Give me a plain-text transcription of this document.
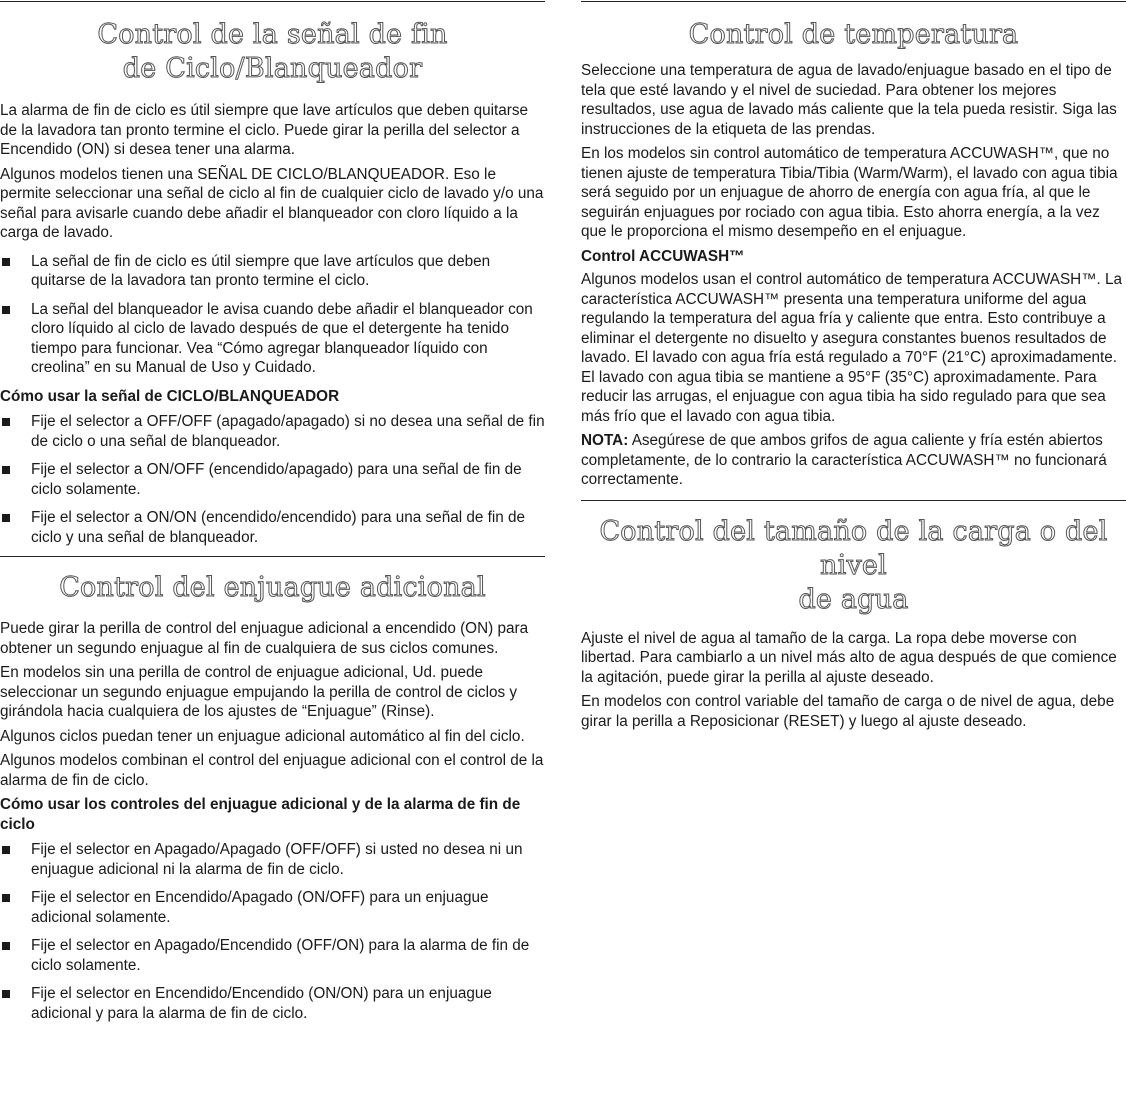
Control de la señal de fin
de Ciclo/Blanqueador

La alarma de fin de ciclo es útil siempre que lave artículos que deben quitarse de la lavadora tan pronto termine el ciclo. Puede girar la perilla del selector a Encendido (ON) si desea tener una alarma.

Algunos modelos tienen una SEÑAL DE CICLO/BLANQUEADOR. Eso le permite seleccionar una señal de ciclo al fin de cualquier ciclo de lavado y/o una señal para avisarle cuando debe añadir el blanqueador con cloro líquido a la carga de lavado.

La señal de fin de ciclo es útil siempre que lave artículos que deben quitarse de la lavadora tan pronto termine el ciclo.
La señal del blanqueador le avisa cuando debe añadir el blanqueador con cloro líquido al ciclo de lavado después de que el detergente ha tenido tiempo para funcionar. Vea “Cómo agregar blanqueador líquido con creolina” en su Manual de Uso y Cuidado.
Cómo usar la señal de CICLO/BLANQUEADOR
Fije el selector a OFF/OFF (apagado/apagado) si no desea una señal de fin de ciclo o una señal de blanqueador.
Fije el selector a ON/OFF (encendido/apagado) para una señal de fin de ciclo solamente.
Fije el selector a ON/ON (encendido/encendido) para una señal de fin de ciclo y una señal de blanqueador.
Control del enjuague adicional

Puede girar la perilla de control del enjuague adicional a encendido (ON) para obtener un segundo enjuague al fin de cualquiera de sus ciclos comunes.

En modelos sin una perilla de control de enjuague adicional, Ud. puede seleccionar un segundo enjuague empujando la perilla de control de ciclos y girándola hacia cualquiera de los ajustes de “Enjuague” (Rinse).

Algunos ciclos puedan tener un enjuague adicional automático al fin del ciclo.

Algunos modelos combinan el control del enjuague adicional con el control de la alarma de fin de ciclo.

Cómo usar los controles del enjuague adicional y de la alarma de fin de ciclo
Fije el selector en Apagado/Apagado (OFF/OFF) si usted no desea ni un enjuague adicional ni la alarma de fin de ciclo.
Fije el selector en Encendido/Apagado (ON/OFF) para un enjuague adicional solamente.
Fije el selector en Apagado/Encendido (OFF/ON) para la alarma de fin de ciclo solamente.
Fije el selector en Encendido/Encendido (ON/ON) para un enjuague adicional y para la alarma de fin de ciclo.
Control de temperatura

Seleccione una temperatura de agua de lavado/enjuague basado en el tipo de tela que esté lavando y el nivel de suciedad. Para obtener los mejores resultados, use agua de lavado más caliente que la tela pueda resistir. Siga las instrucciones de la etiqueta de las prendas.

En los modelos sin control automático de temperatura ACCUWASH™, que no tienen ajuste de temperatura Tibia/Tibia (Warm/Warm), el lavado con agua tibia será seguido por un enjuague de ahorro de energía con agua fría, al que le seguirán enjuagues por rociado con agua tibia. Esto ahorra energía, a la vez que le proporciona el mismo desempeño en el enjuague.

Control ACCUWASH™

Algunos modelos usan el control automático de temperatura ACCUWASH™. La característica ACCUWASH™ presenta una temperatura uniforme del agua regulando la temperatura del agua fría y caliente que entra. Esto contribuye a eliminar el detergente no disuelto y asegura constantes buenos resultados de lavado. El lavado con agua fría está regulado a 70°F (21°C) aproximadamente. El lavado con agua tibia se mantiene a 95°F (35°C) aproximadamente. Para reducir las arrugas, el enjuague con agua tibia ha sido regulado para que sea más frío que el lavado con agua tibia.

NOTA: Asegúrese de que ambos grifos de agua caliente y fría estén abiertos completamente, de lo contrario la característica ACCUWASH™ no funcionará correctamente.

Control del tamaño de la carga o del nivel
de agua

Ajuste el nivel de agua al tamaño de la carga. La ropa debe moverse con libertad. Para cambiarlo a un nivel más alto de agua después de que comience la agitación, puede girar la perilla al ajuste deseado.

En modelos con control variable del tamaño de carga o de nivel de agua, debe girar la perilla a Reposicionar (RESET) y luego al ajuste deseado.
